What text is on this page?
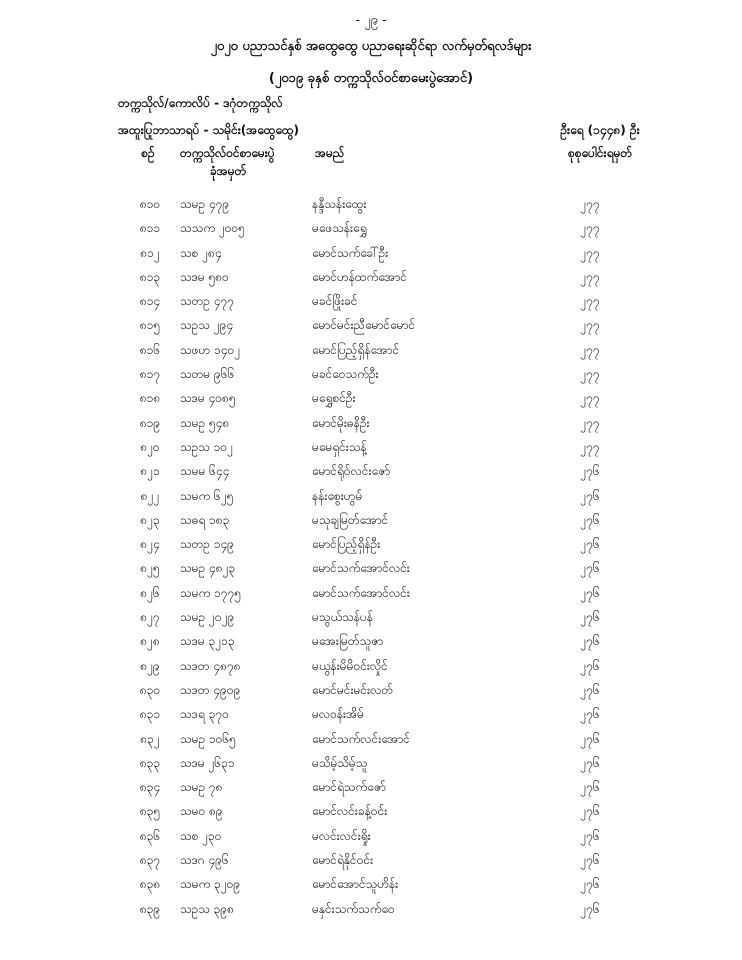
- ၂၉ -
၂၀၂၀ ပညာသင်နှစ် အထွေထွေ ပညာရေးဆိုင်ရာ လက်မှတ်ရလဒ်များ
(၂၀၁၉ ခုနှစ် တက္ကသိုလ်ဝင်စာမေးပွဲအောင်)
တက္ကသိုလ်/ကောလိပ် - ဒဂုံတက္ကသိုလ်
အထူးပြုဘာသာရပ် - သမိုင်း(အထွေထွေ)	ဦးရေ (၁၄၄၈) ဦး
စဉ်	တက္ကသိုလ်ဝင်စာမေးပွဲ
ခုံအမှတ်
အမည်	စုစုပေါင်းရမှတ်
၈၁၀	သမဥ ၄၇၉	နန္ဒီသန်းထွေး	၂၇၇
၈၁၁	သသက ၂၀၀၅	မဖေသန်းရွှေ	၂၇၇
၈၁၂	သစ ၂၈၄	မောင်သက်ခေါ်ဦး	၂၇၇
၈၁၃	သဒမ ၅၈၀	မောင်ဟန်ထက်အောင်	၂၇၇
၈၁၄	သတဥ ၄၇၇	မခင်ဖြိုးခင်	၂၇၇
၈၁၅	သဥသ ၂၉၄	မောင်မင်းညီမောင်မောင်	၂၇၇
၈၁၆	သဖဟ ၁၄၀၂	မောင်ပြည့်ရှိန်အောင်	၂၇၇
၈၁၇	သတမ ၉၆၆	မခင်ဝေသက်ဦး	၂၇၇
၈၁၈	သဒမ ၄၀၈၅	မရွှေစင်ဦး	၂၇၇
၈၁၉	သမဥ ၅၄၈	မောင်မိုးဓနိဦး	၂၇၇
၈၂၀	သဥသ ၁၀၂	မမေရှင်းသန့်	၂၇၇
၈၂၁	သမမ ၆၄၄	မောင်ရိုဝ်လင်းဇော်	၂၇၆
၈၂၂	သမက ၆၂၅	နန်းစွေးဟွမ်	၂၇၆
၈၂၃	သဓရ ၁၈၃	မသုချမြတ်အောင်	၂၇၆
၈၂၄	သတဥ ၁၄၉	မောင်ပြည့်ရှိန်ဦး	၂၇၆
၈၂၅	သမဥ ၄၈၂၃	မောင်သက်အောင်လင်း	၂၇၆
၈၂၆	သမက ၁၇၇၅	မောင်သက်အောင်လင်း	၂၇၆
၈၂၇	သမဥ ၂၀၂၉	မသွယ်သန်ပန်	၂၇၆
၈၂၈	သဒမ ၃၂၁၃	မအေးမြတ်သူဇာ	၂၇၆
၈၂၉	သဒတ ၄၈၇၈	မယွန်းမိမိဝင်းလှိုင်	၂၇၆
၈၃၀	သဒတ ၄၉၀၉	မောင်မင်းမင်းလတ်	၂၇၆
၈၃၁	သဒရ ၃၇၀	မလဝန်းအိမ်	၂၇၆
၈၃၂	သမဥ ၁၀၆၅	မောင်သက်လင်းအောင်	၂၇၆
၈၃၃	သဒမ ၂၆၃၁	မသိမ့်သိမ့်သူ	၂၇၆
၈၃၄	သမဥ ၇၈	မောင်ရဲသက်ဇော်	၂၇၆
၈၃၅	သမဝ ၈၉	မောင်လင်းခန့်ဝင်း	၂၇၆
၈၃၆	သစ ၂၃၀	မလင်းလင်းရှိုး	၂၇၆
၈၃၇	သဒဂ ၄၉၆	မောင်ရဲနိုင်ဝင်း	၂၇၆
၈၃၈	သမက ၃၂၀၉	မောင်အောင်သူဟိန်း	၂၇၆
၈၃၉	သဥသ ၃၉၈	မနှင်းသက်သက်ဝေ	၂၇၆
